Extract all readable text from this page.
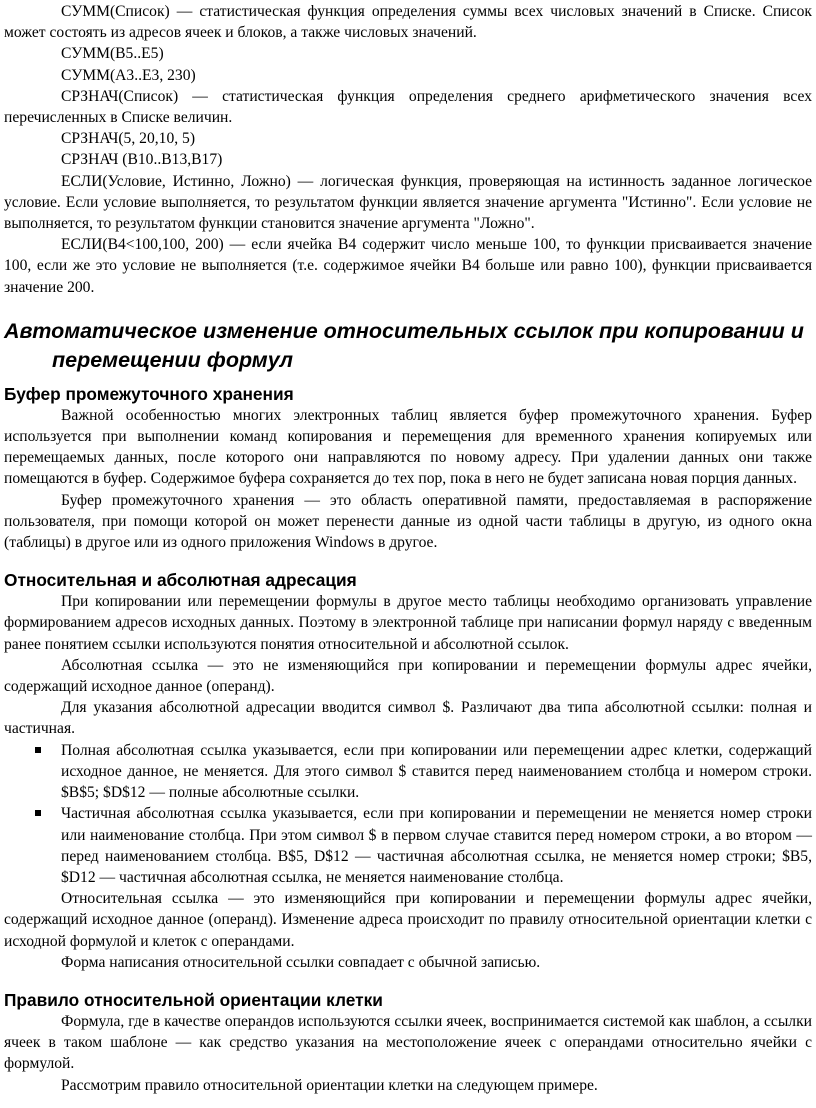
СУММ(Список) — статистическая функция определения суммы всех числовых значений в Списке. Список может состоять из адресов ячеек и блоков, а также числовых значений.

СУММ(B5..E5)

СУММ(А3..E3, 230)

СРЗНАЧ(Список) — статистическая функция определения среднего арифметического значения всех перечисленных в Списке величин.

СРЗНАЧ(5, 20,10, 5)

СРЗНАЧ (B10..B13,B17)

ЕСЛИ(Условие, Истинно, Ложно) — логическая функция, проверяющая на истинность заданное логическое условие. Если условие выполняется, то результатом функции является значение аргумента "Истинно". Если условие не выполняется, то результатом функции становится значение аргумента "Ложно".

ЕСЛИ(B4<100,100, 200) — если ячейка B4 содержит число меньше 100, то функции присваивается значение 100, если же это условие не выполняется (т.е. содержимое ячейки B4 больше или равно 100), функции присваивается значение 200.

Автоматическое изменение относительных ссылок при копировании и перемещении формул
Буфер промежуточного хранения

Важной особенностью многих электронных таблиц является буфер промежуточного хранения. Буфер используется при выполнении команд копирования и перемещения для временного хранения копируемых или перемещаемых данных, после которого они направляются по новому адресу. При удалении данных они также помещаются в буфер. Содержимое буфера сохраняется до тех пор, пока в него не будет записана новая порция данных.

Буфер промежуточного хранения — это область оперативной памяти, предоставляемая в распоряжение пользователя, при помощи которой он может перенести данные из одной части таблицы в другую, из одного окна (таблицы) в другое или из одного приложения Windows в другое.

Относительная и абсолютная адресация

При копировании или перемещении формулы в другое место таблицы необходимо организовать управление формированием адресов исходных данных. Поэтому в электронной таблице при написании формул наряду с введенным ранее понятием ссылки используются понятия относительной и абсолютной ссылок.

Абсолютная ссылка — это не изменяющийся при копировании и перемещении формулы адрес ячейки, содержащий исходное данное (операнд).

Для указания абсолютной адресации вводится символ $. Различают два типа абсолютной ссылки: полная и частичная.

Полная абсолютная ссылка указывается, если при копировании или перемещении адрес клетки, содержащий исходное данное, не меняется. Для этого символ $ ставится перед наименованием столбца и номером строки. $B$5; $D$12 — полные абсолютные ссылки.
Частичная абсолютная ссылка указывается, если при копировании и перемещении не меняется номер строки или наименование столбца. При этом символ $ в первом случае ставится перед номером строки, а во втором — перед наименованием столбца. B$5, D$12 — частичная абсолютная ссылка, не меняется номер строки; $B5, $D12 — частичная абсолютная ссылка, не меняется наименование столбца.

Относительная ссылка — это изменяющийся при копировании и перемещении формулы адрес ячейки, содержащий исходное данное (операнд). Изменение адреса происходит по правилу относительной ориентации клетки с исходной формулой и клеток с операндами.

Форма написания относительной ссылки совпадает с обычной записью.

Правило относительной ориентации клетки

Формула, где в качестве операндов используются ссылки ячеек, воспринимается системой как шаблон, а ссылки ячеек в таком шаблоне — как средство указания на местоположение ячеек с операндами относительно ячейки с формулой.

Рассмотрим правило относительной ориентации клетки на следующем примере.
